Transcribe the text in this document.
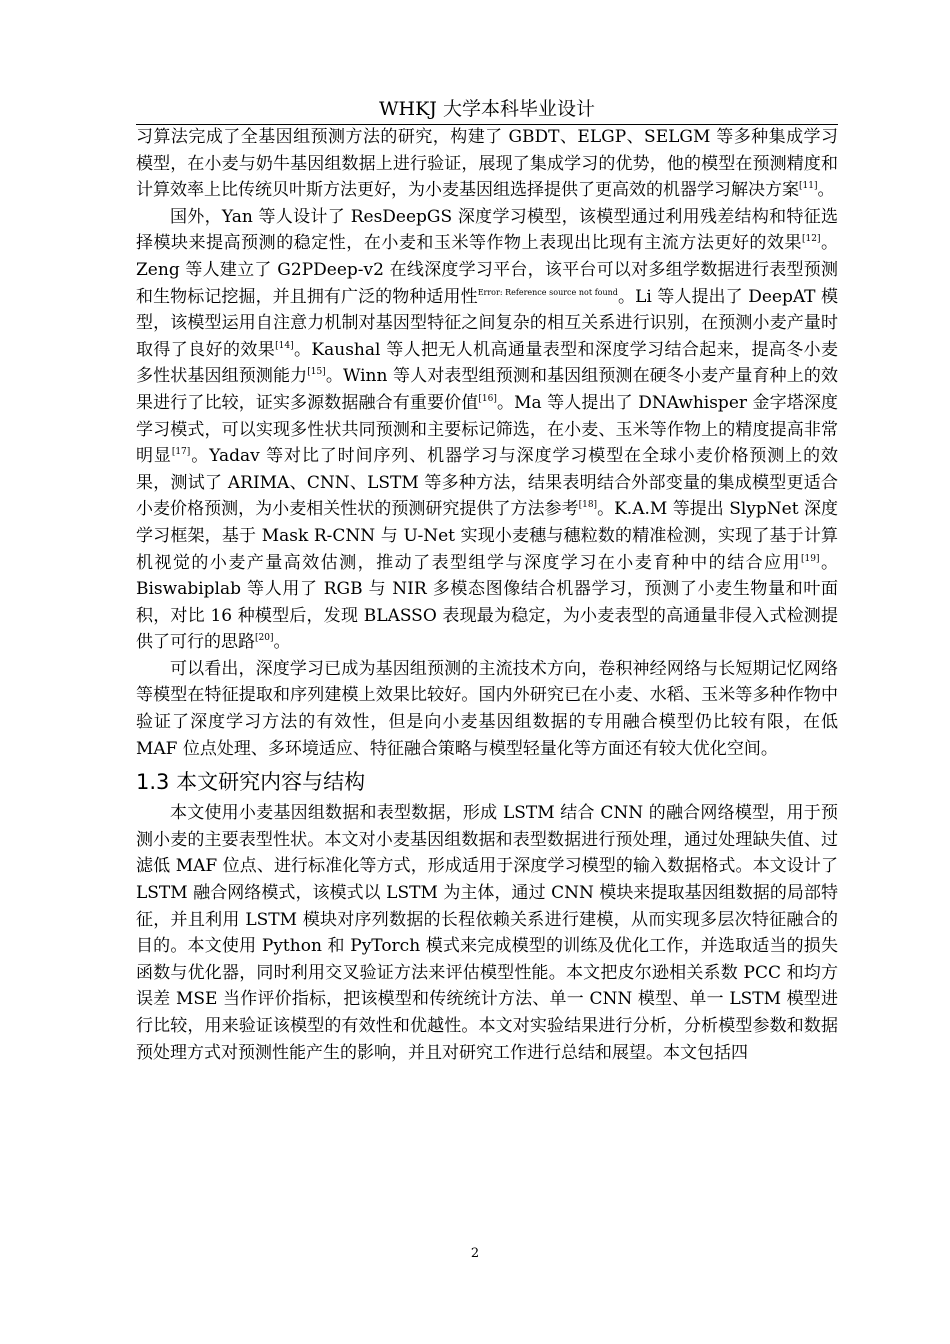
WHKJ 大学本科毕业设计

习算法完成了全基因组预测方法的研究，构建了 GBDT、ELGP、SELGM 等多种集成学习模型，在小麦与奶牛基因组数据上进行验证，展现了集成学习的优势，他的模型在预测精度和计算效率上比传统贝叶斯方法更好，为小麦基因组选择提供了更高效的机器学习解决方案[11]。

国外，Yan 等人设计了 ResDeepGS 深度学习模型，该模型通过利用残差结构和特征选择模块来提高预测的稳定性，在小麦和玉米等作物上表现出比现有主流方法更好的效果[12]。Zeng 等人建立了 G2PDeep-v2 在线深度学习平台，该平台可以对多组学数据进行表型预测和生物标记挖掘，并且拥有广泛的物种适用性$^{Error: Reference source not found}$。Li 等人提出了 DeepAT 模型，该模型运用自注意力机制对基因型特征之间复杂的相互关系进行识别，在预测小麦产量时取得了良好的效果[14]。Kaushal 等人把无人机高通量表型和深度学习结合起来，提高冬小麦多性状基因组预测能力[15]。Winn 等人对表型组预测和基因组预测在硬冬小麦产量育种上的效果进行了比较，证实多源数据融合有重要价值[16]。Ma 等人提出了 DNAwhisper 金字塔深度学习模式，可以实现多性状共同预测和主要标记筛选，在小麦、玉米等作物上的精度提高非常明显[17]。Yadav 等对比了时间序列、机器学习与深度学习模型在全球小麦价格预测上的效果，测试了 ARIMA、CNN、LSTM 等多种方法，结果表明结合外部变量的集成模型更适合小麦价格预测，为小麦相关性状的预测研究提供了方法参考[18]。K.A.M 等提出 SlypNet 深度学习框架，基于 Mask R-CNN 与 U-Net 实现小麦穗与穗粒数的精准检测，实现了基于计算机视觉的小麦产量高效估测，推动了表型组学与深度学习在小麦育种中的结合应用[19]。Biswabiplab 等人用了 RGB 与 NIR 多模态图像结合机器学习，预测了小麦生物量和叶面积，对比 16 种模型后，发现 BLASSO 表现最为稳定，为小麦表型的高通量非侵入式检测提供了可行的思路[20]。

可以看出，深度学习已成为基因组预测的主流技术方向，卷积神经网络与长短期记忆网络等模型在特征提取和序列建模上效果比较好。国内外研究已在小麦、水稻、玉米等多种作物中验证了深度学习方法的有效性，但是向小麦基因组数据的专用融合模型仍比较有限，在低 MAF 位点处理、多环境适应、特征融合策略与模型轻量化等方面还有较大优化空间。

1.3 本文研究内容与结构

本文使用小麦基因组数据和表型数据，形成 LSTM 结合 CNN 的融合网络模型，用于预测小麦的主要表型性状。本文对小麦基因组数据和表型数据进行预处理，通过处理缺失值、过滤低 MAF 位点、进行标准化等方式，形成适用于深度学习模型的输入数据格式。本文设计了 LSTM 融合网络模式，该模式以 LSTM 为主体，通过 CNN 模块来提取基因组数据的局部特征，并且利用 LSTM 模块对序列数据的长程依赖关系进行建模，从而实现多层次特征融合的目的。本文使用 Python 和 PyTorch 模式来完成模型的训练及优化工作，并选取适当的损失函数与优化器，同时利用交叉验证方法来评估模型性能。本文把皮尔逊相关系数 PCC 和均方误差 MSE 当作评价指标，把该模型和传统统计方法、单一 CNN 模型、单一 LSTM 模型进行比较，用来验证该模型的有效性和优越性。本文对实验结果进行分析，分析模型参数和数据预处理方式对预测性能产生的影响，并且对研究工作进行总结和展望。本文包括四

2
